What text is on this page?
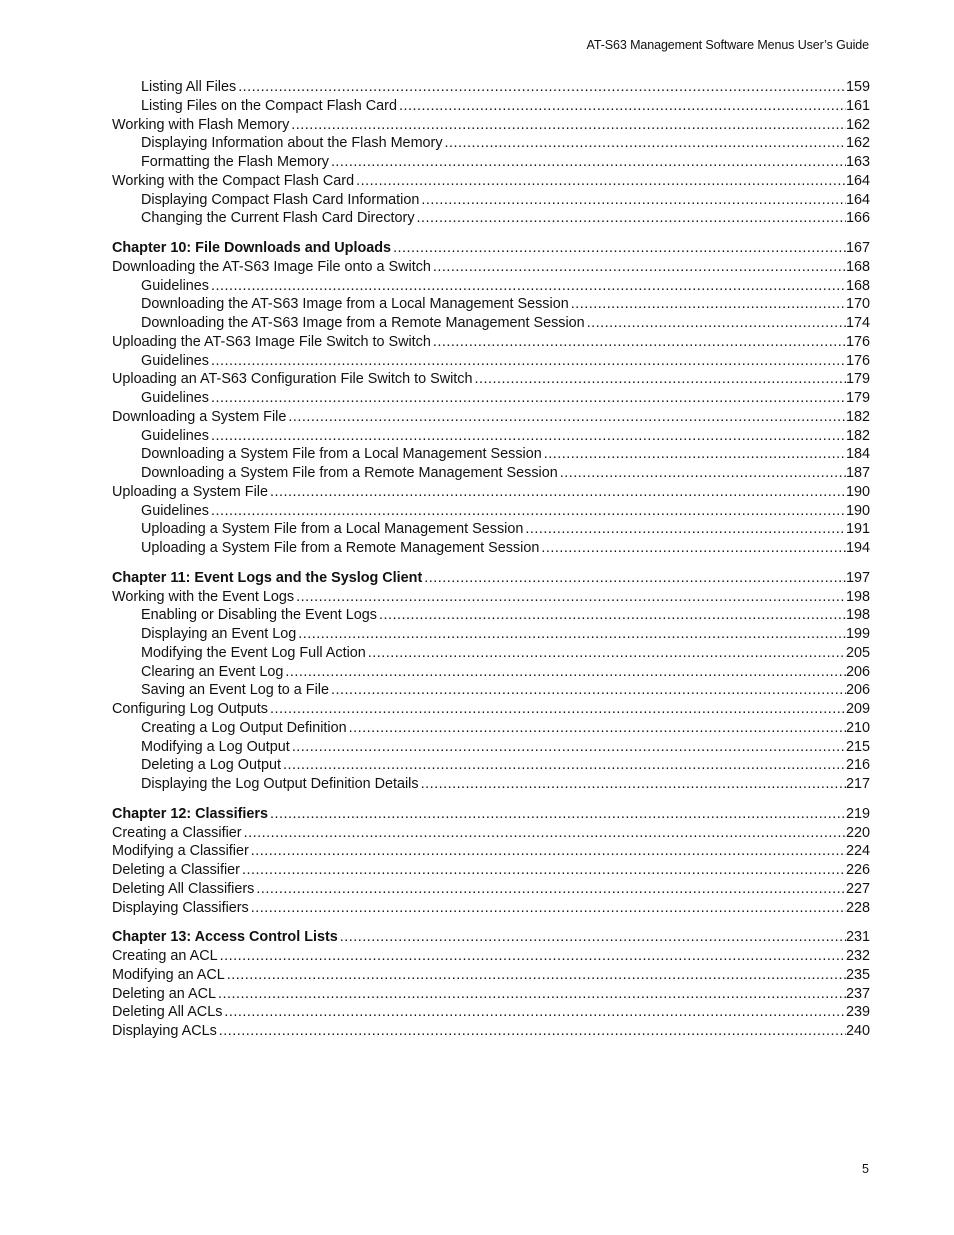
AT-S63 Management Software Menus User’s Guide
Listing All Files .....	159
Listing Files on the Compact Flash Card .....	161
Working with Flash Memory .....	162
Displaying Information about the Flash Memory .....	162
Formatting the Flash Memory .....	163
Working with the Compact Flash Card .....	164
Displaying Compact Flash Card Information .....	164
Changing the Current Flash Card Directory .....	166
Chapter 10: File Downloads and Uploads .....	167
Downloading the AT-S63 Image File onto a Switch .....	168
Guidelines .....	168
Downloading the AT-S63 Image from a Local Management Session .....	170
Downloading the AT-S63 Image from a Remote Management Session .....	174
Uploading the AT-S63 Image File Switch to Switch .....	176
Guidelines .....	176
Uploading an AT-S63 Configuration File Switch to Switch .....	179
Guidelines .....	179
Downloading a System File .....	182
Guidelines .....	182
Downloading a System File from a Local Management Session .....	184
Downloading a System File from a Remote Management Session .....	187
Uploading a System File .....	190
Guidelines .....	190
Uploading a System File from a Local Management Session .....	191
Uploading a System File from a Remote Management Session .....	194
Chapter 11: Event Logs and the Syslog Client .....	197
Working with the Event Logs .....	198
Enabling or Disabling the Event Logs .....	198
Displaying an Event Log .....	199
Modifying the Event Log Full Action .....	205
Clearing an Event Log .....	206
Saving an Event Log to a File .....	206
Configuring Log Outputs .....	209
Creating a Log Output Definition .....	210
Modifying a Log Output .....	215
Deleting a Log Output .....	216
Displaying the Log Output Definition Details .....	217
Chapter 12: Classifiers .....	219
Creating a Classifier .....	220
Modifying a Classifier .....	224
Deleting a Classifier .....	226
Deleting All Classifiers .....	227
Displaying Classifiers .....	228
Chapter 13: Access Control Lists .....	231
Creating an ACL .....	232
Modifying an ACL .....	235
Deleting an ACL .....	237
Deleting All ACLs .....	239
Displaying ACLs .....	240
5
